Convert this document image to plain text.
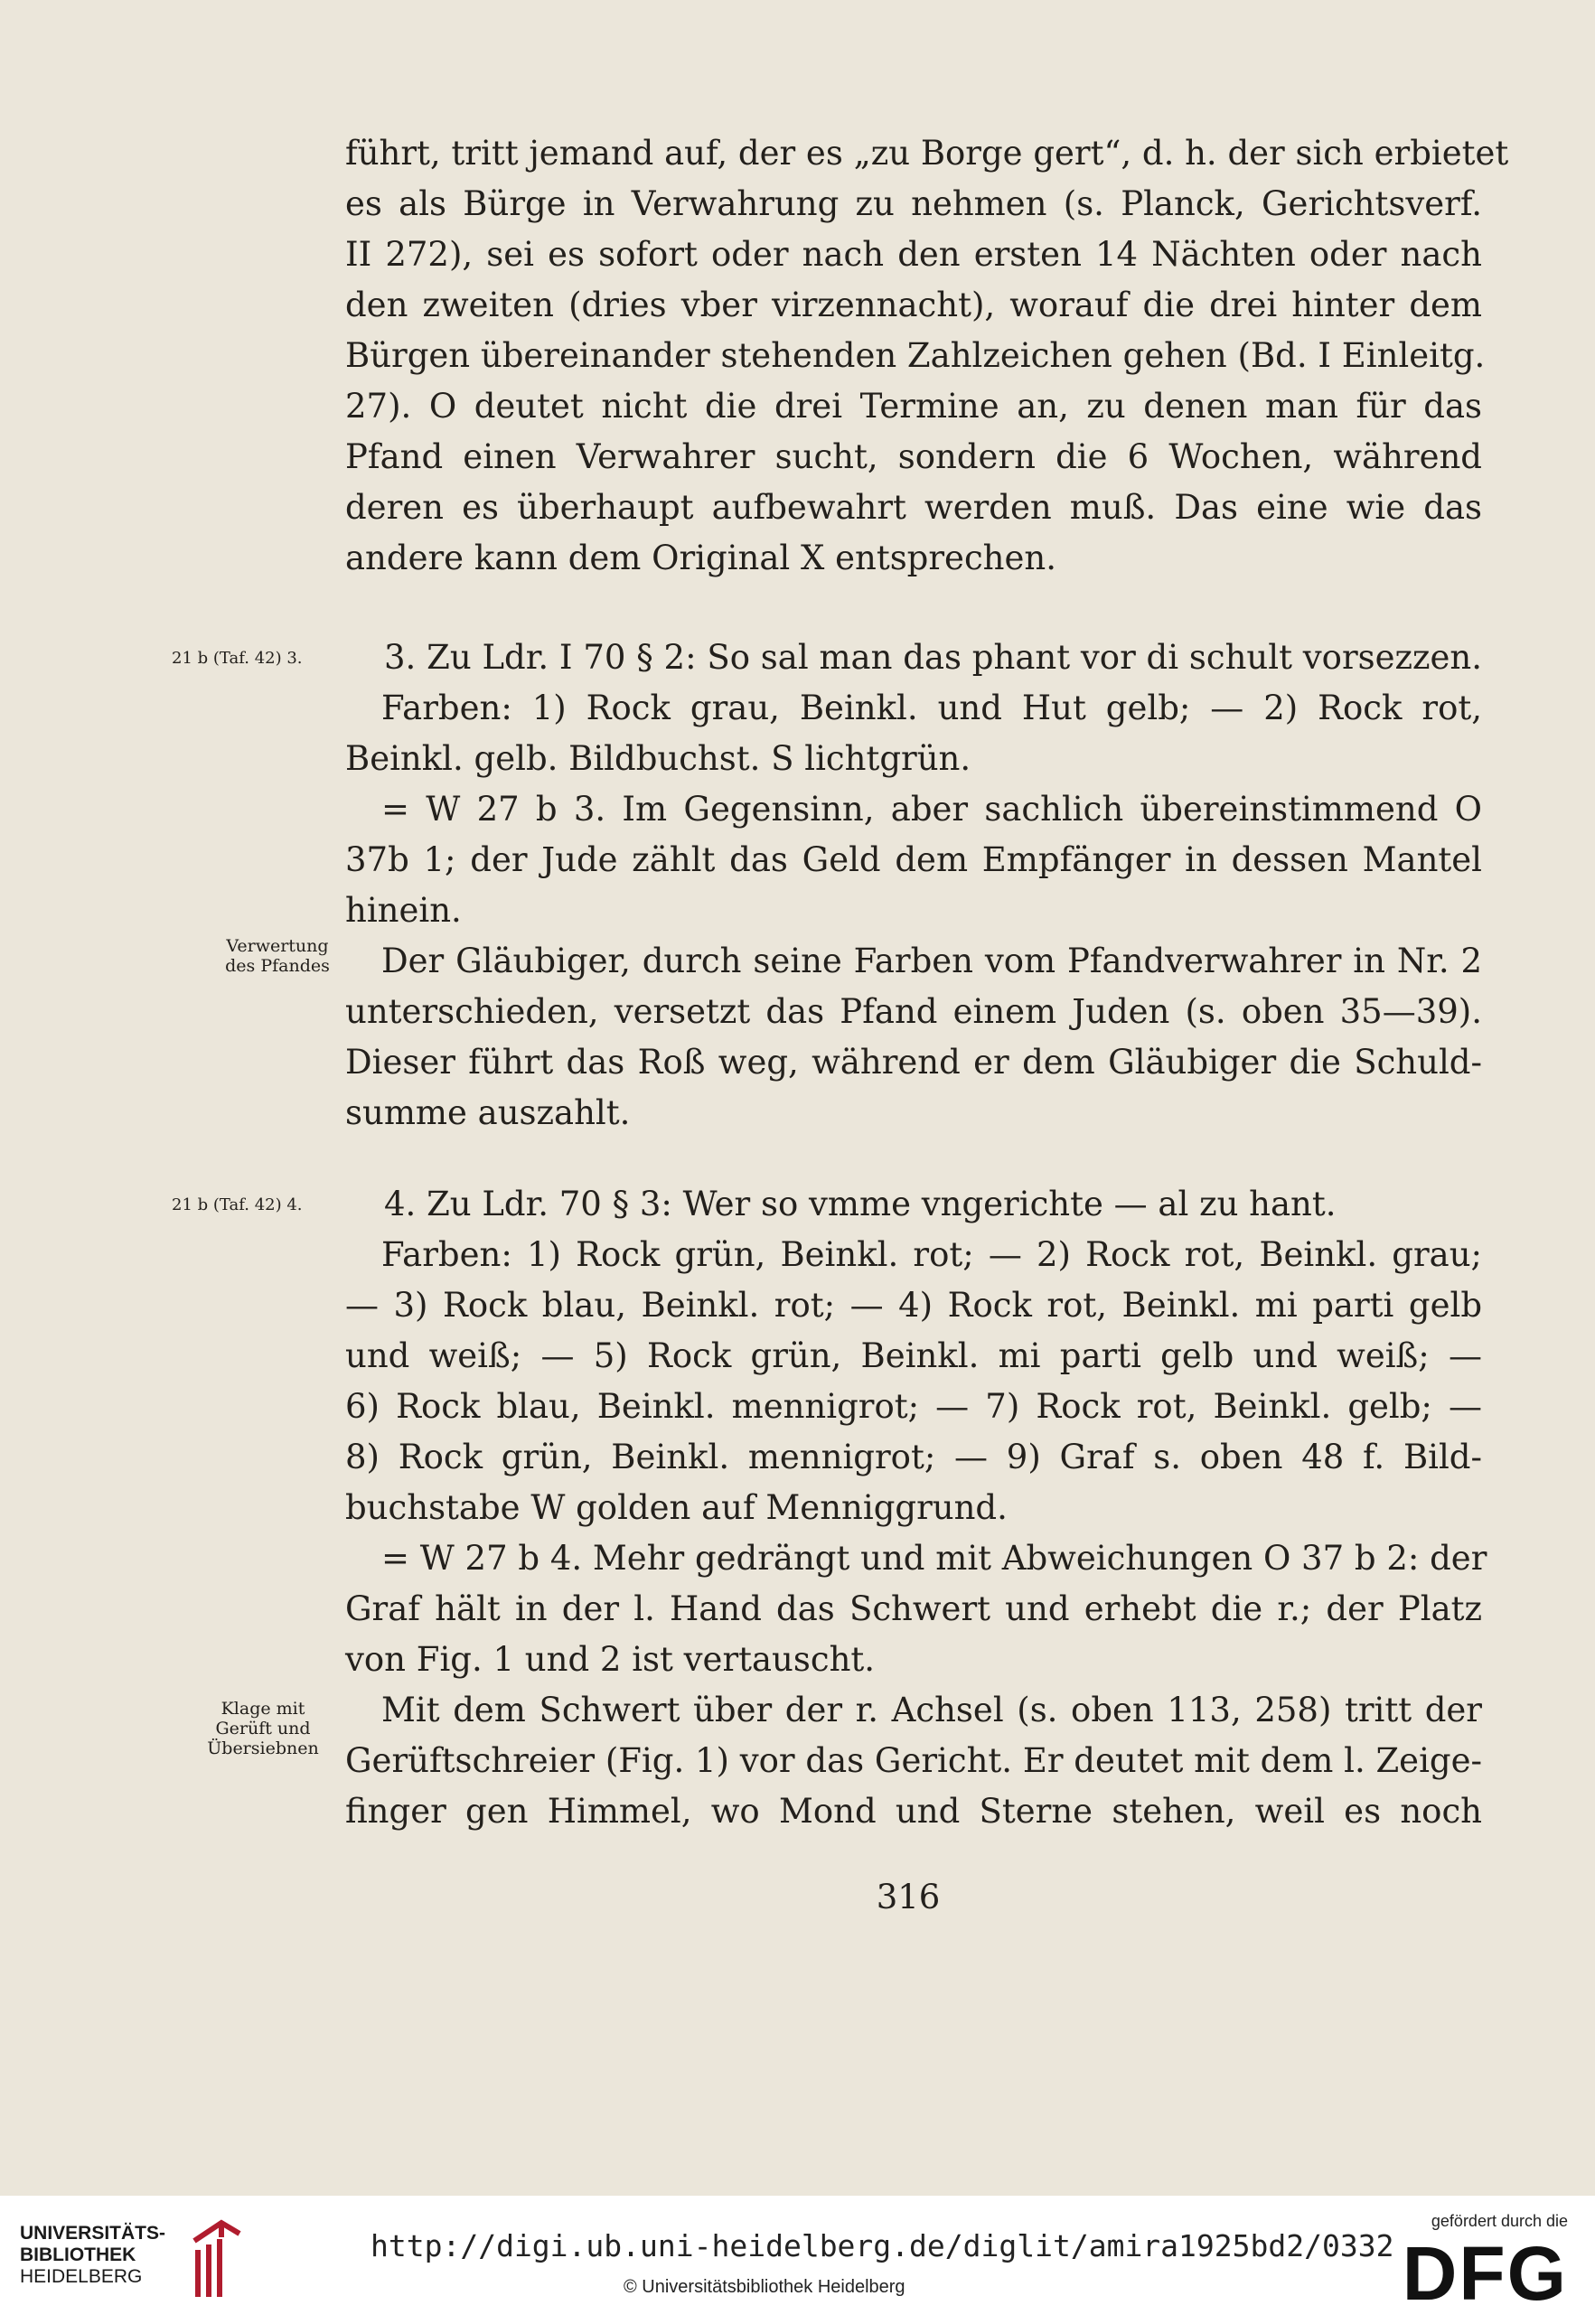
führt, tritt jemand auf, der es „zu Borge gert“, d. h. der sich erbietet
es als Bürge in Verwahrung zu nehmen (s. Planck, Gerichtsverf.
II 272), sei es sofort oder nach den ersten 14 Nächten oder nach
den zweiten (dries vber virzennacht), worauf die drei hinter dem
Bürgen übereinander stehenden Zahlzeichen gehen (Bd. I Einleitg.
27). O deutet nicht die drei Termine an, zu denen man für das
Pfand einen Verwahrer sucht, sondern die 6 Wochen, während
deren es überhaupt aufbewahrt werden muß. Das eine wie das
andere kann dem Original X entsprechen.
21 b (Taf. 42) 3. 3. Zu Ldr. I 70 § 2: So sal man das phant vor di schult vorsezzen.
Farben: 1) Rock grau, Beinkl. und Hut gelb; — 2) Rock rot,
Beinkl. gelb. Bildbuchst. S lichtgrün.
= W 27 b 3. Im Gegensinn, aber sachlich übereinstimmend O
37b 1; der Jude zählt das Geld dem Empfänger in dessen Mantel
hinein.
Verwertung
des Pfandes	Der Gläubiger, durch seine Farben vom Pfandverwahrer in Nr. 2
unterschieden, versetzt das Pfand einem Juden (s. oben 35—39).
Dieser führt das Roß weg, während er dem Gläubiger die Schuld-
summe auszahlt.
21 b (Taf. 42) 4. 4. Zu Ldr. 70 § 3: Wer so vmme vngerichte — al zu hant.
Farben: 1) Rock grün, Beinkl. rot; — 2) Rock rot, Beinkl. grau;
— 3) Rock blau, Beinkl. rot; — 4) Rock rot, Beinkl. mi parti gelb
und weiß; — 5) Rock grün, Beinkl. mi parti gelb und weiß; —
6) Rock blau, Beinkl. mennigrot; — 7) Rock rot, Beinkl. gelb; —
8) Rock grün, Beinkl. mennigrot; — 9) Graf s. oben 48 f. Bild-
buchstabe W golden auf Menniggrund.
= W 27 b 4. Mehr gedrängt und mit Abweichungen O 37 b 2: der
Graf hält in der l. Hand das Schwert und erhebt die r.; der Platz
von Fig. 1 und 2 ist vertauscht.
Klage mit
Gerüft und
Übersiebnen
Mit dem Schwert über der r. Achsel (s. oben 113, 258) tritt der
Gerüftschreier (Fig. 1) vor das Gericht. Er deutet mit dem l. Zeige-
finger gen Himmel, wo Mond und Sterne stehen, weil es noch
316
UNIVERSITÄTS-
BIBLIOTHEK
HEIDELBERG
http://digi.ub.uni-heidelberg.de/diglit/amira1925bd2/0332
© Universitätsbibliothek Heidelberg
gefördert durch die
DFG
